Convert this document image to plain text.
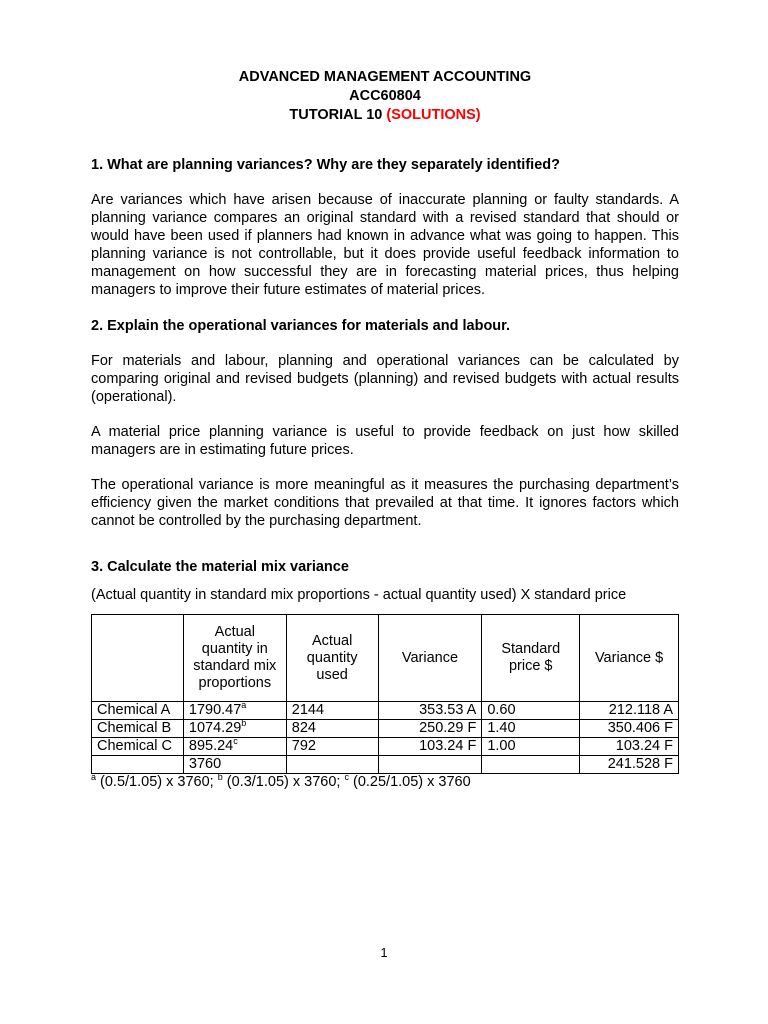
ADVANCED MANAGEMENT ACCOUNTING
ACC60804
TUTORIAL 10 (SOLUTIONS)

1. What are planning variances? Why are they separately identified?

Are variances which have arisen because of inaccurate planning or faulty standards. A planning variance compares an original standard with a revised standard that should or would have been used if planners had known in advance what was going to happen. This planning variance is not controllable, but it does provide useful feedback information to management on how successful they are in forecasting material prices, thus helping managers to improve their future estimates of material prices.

2. Explain the operational variances for materials and labour.

For materials and labour, planning and operational variances can be calculated by comparing original and revised budgets (planning) and revised budgets with actual results (operational).

A material price planning variance is useful to provide feedback on just how skilled managers are in estimating future prices.

The operational variance is more meaningful as it measures the purchasing department’s efficiency given the market conditions that prevailed at that time. It ignores factors which cannot be controlled by the purchasing department.

3. Calculate the material mix variance

(Actual quantity in standard mix proportions - actual quantity used) X standard price

	Actual quantity in standard mix proportions	Actual quantity used	Variance	Standard price $	Variance $
Chemical A	1790.47$^a$	2144	353.53 A	0.60	212.118 A
Chemical B	1074.29$^b$	824	250.29 F	1.40	350.406 F
Chemical C	895.24$^c$	792	103.24 F	1.00	103.24 F
	3760				241.528 F
$^a$ (0.5/1.05) x 3760; $^b$ (0.3/1.05) x 3760; $^c$ (0.25/1.05) x 3760
1
